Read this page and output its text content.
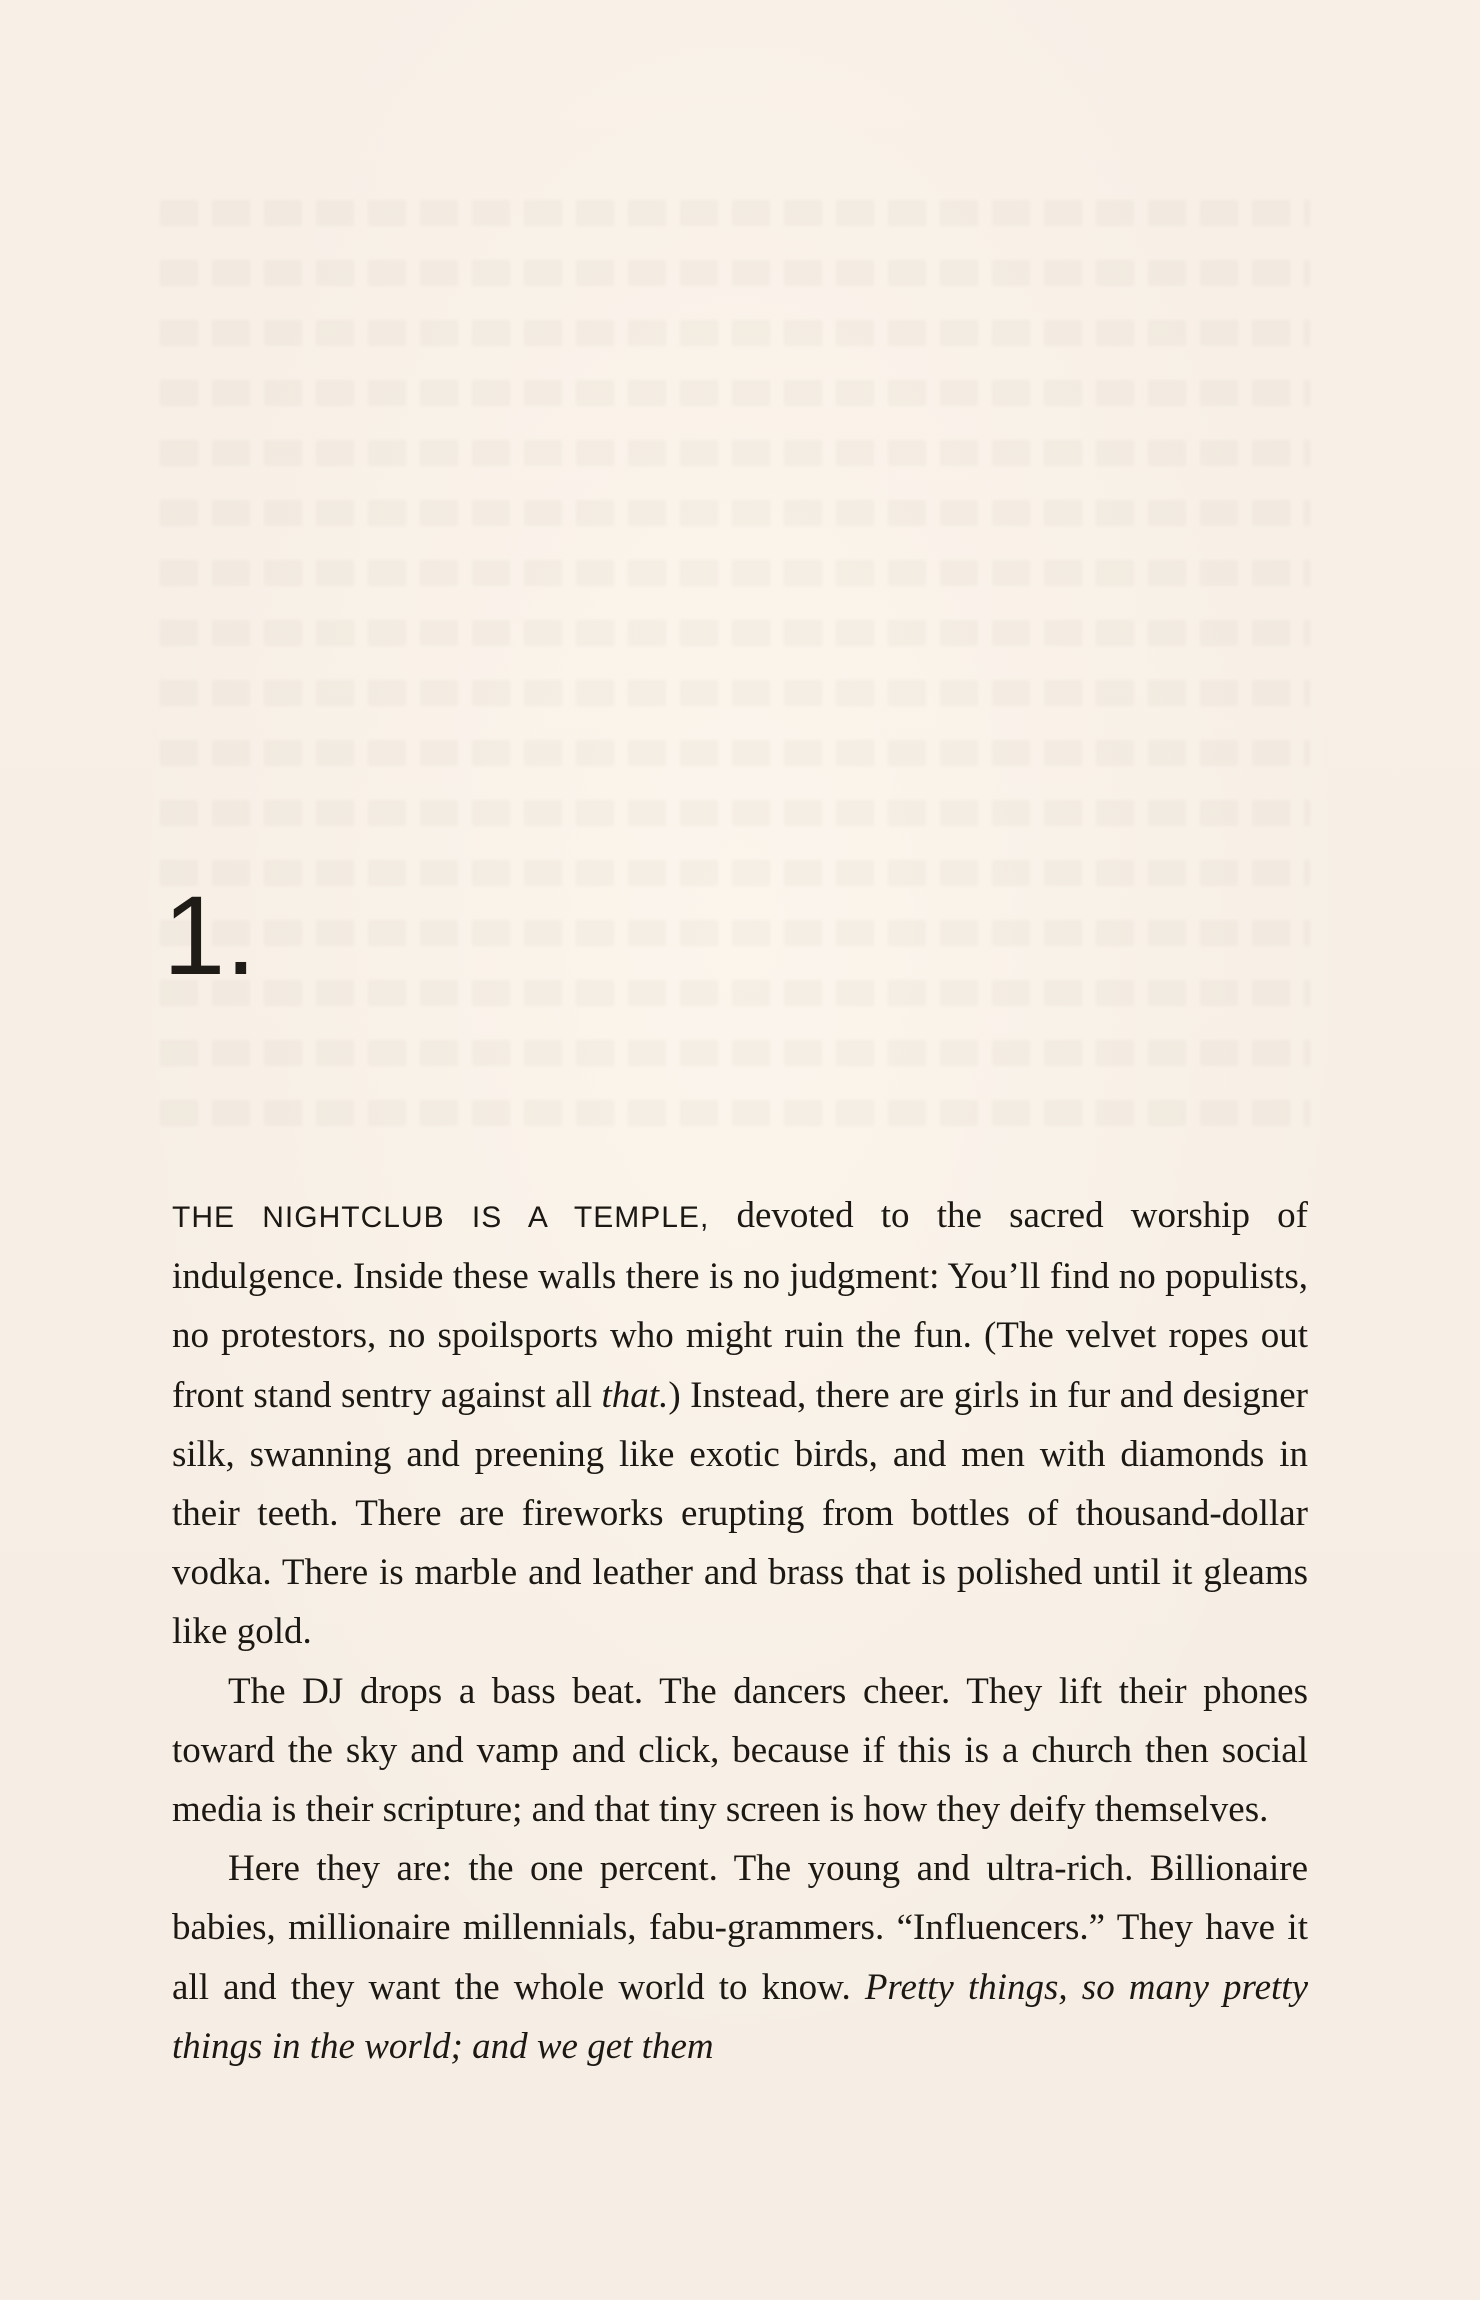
1.

THE NIGHTCLUB IS A TEMPLE, devoted to the sacred worship of indulgence. Inside these walls there is no judgment: You’ll find no populists, no protestors, no spoilsports who might ruin the fun. (The velvet ropes out front stand sentry against all that.) Instead, there are girls in fur and designer silk, swanning and preening like exotic birds, and men with diamonds in their teeth. There are fireworks erupting from bottles of thousand-dollar vodka. There is marble and leather and brass that is polished until it gleams like gold.

The DJ drops a bass beat. The dancers cheer. They lift their phones toward the sky and vamp and click, because if this is a church then social media is their scripture; and that tiny screen is how they deify themselves.

Here they are: the one percent. The young and ultra-rich. Billionaire babies, millionaire millennials, fabu-grammers. “Influencers.” They have it all and they want the whole world to know. Pretty things, so many pretty things in the world; and we get them
